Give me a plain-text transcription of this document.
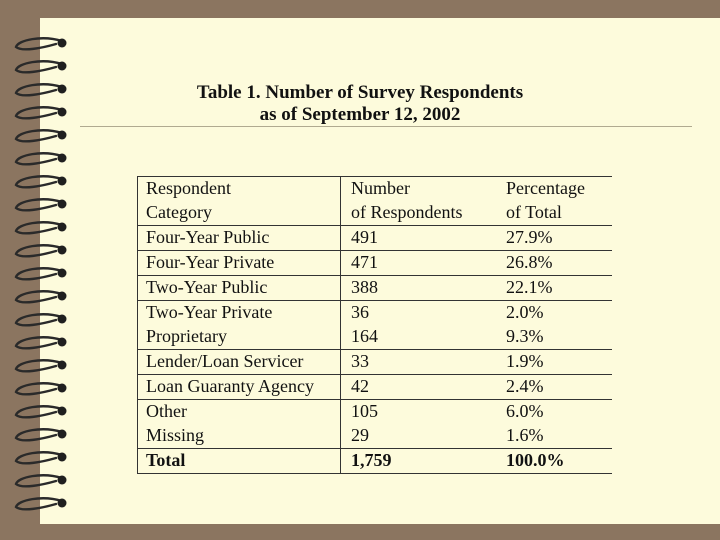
Table 1. Number of Survey Respondents
as of September 12, 2002
Respondent	Number	Percentage
Category	of Respondents	of Total
Four-Year Public	491	27.9%
Four-Year Private	471	26.8%
Two-Year Public	388	22.1%
Two-Year Private	36	2.0%
Proprietary	164	9.3%
Lender/Loan Servicer	33	1.9%
Loan Guaranty Agency	42	2.4%
Other	105	6.0%
Missing	29	1.6%
Total	1,759	100.0%
